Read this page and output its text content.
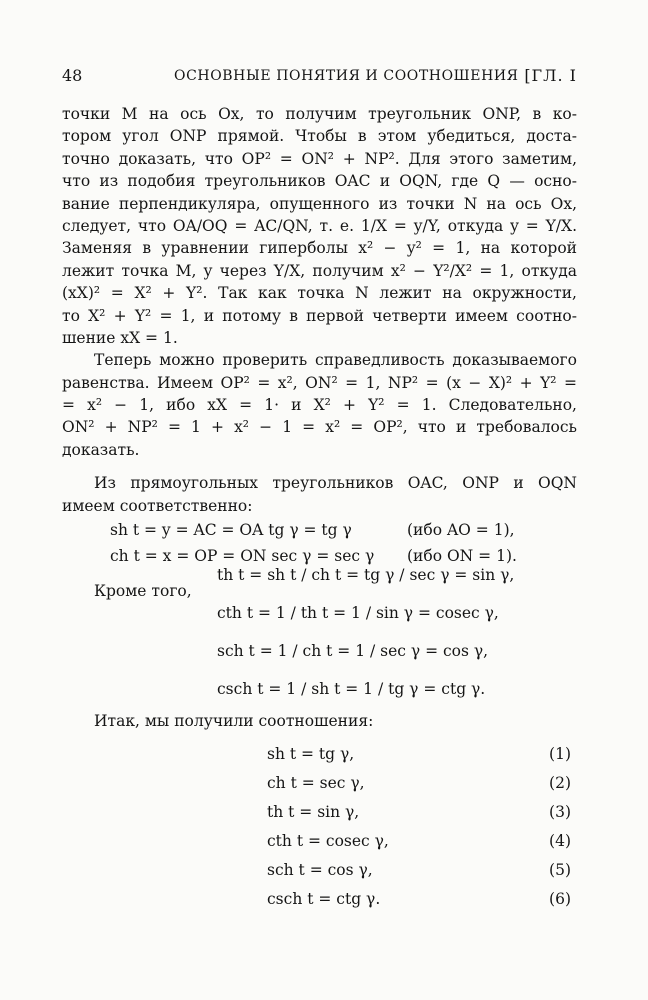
48	ОСНОВНЫЕ ПОНЯТИЯ И СООТНОШЕНИЯ [ГЛ. I
точки M на ось Ox, то получим треугольник ONP, в ко-
тором угол ONP прямой. Чтобы в этом убедиться, доста-
точно доказать, что OP² = ON² + NP². Для этого заметим,
что из подобия треугольников OAC и OQN, где Q — осно-
вание перпендикуляра, опущенного из точки N на ось Ox,
следует, что OA/OQ = AC/QN, т. е. 1/X = y/Y, откуда y = Y/X.
Заменяя в уравнении гиперболы x² − y² = 1, на которой
лежит точка M, y через Y/X, получим x² − Y²/X² = 1, откуда
(xX)² = X² + Y². Так как точка N лежит на окружности,
то X² + Y² = 1, и потому в первой четверти имеем соотно-
шение xX = 1.
Теперь можно проверить справедливость доказываемого
равенства. Имеем OP² = x², ON² = 1, NP² = (x − X)² + Y² =
= x² − 1, ибо xX = 1· и X² + Y² = 1. Следовательно,
ON² + NP² = 1 + x² − 1 = x² = OP², что и требовалось
доказать.
Из прямоугольных треугольников OAC, ONP и OQN
имеем соответственно:
sh t = y = AC = OA tg γ = tg γ	(ибо AO = 1),
ch t = x = OP = ON sec γ = sec γ (ибо ON = 1).
Кроме того,
th t = sh t / ch t = tg γ / sec γ = sin γ,
cth t = 1 / th t = 1 / sin γ = cosec γ,
sch t = 1 / ch t = 1 / sec γ = cos γ,
csch t = 1 / sh t = 1 / tg γ = ctg γ.
Итак, мы получили соотношения:
sh t = tg γ,	(1)
ch t = sec γ,	(2)
th t = sin γ,	(3)
cth t = cosec γ,	(4)
sch t = cos γ,	(5)
csch t = ctg γ.	(6)
